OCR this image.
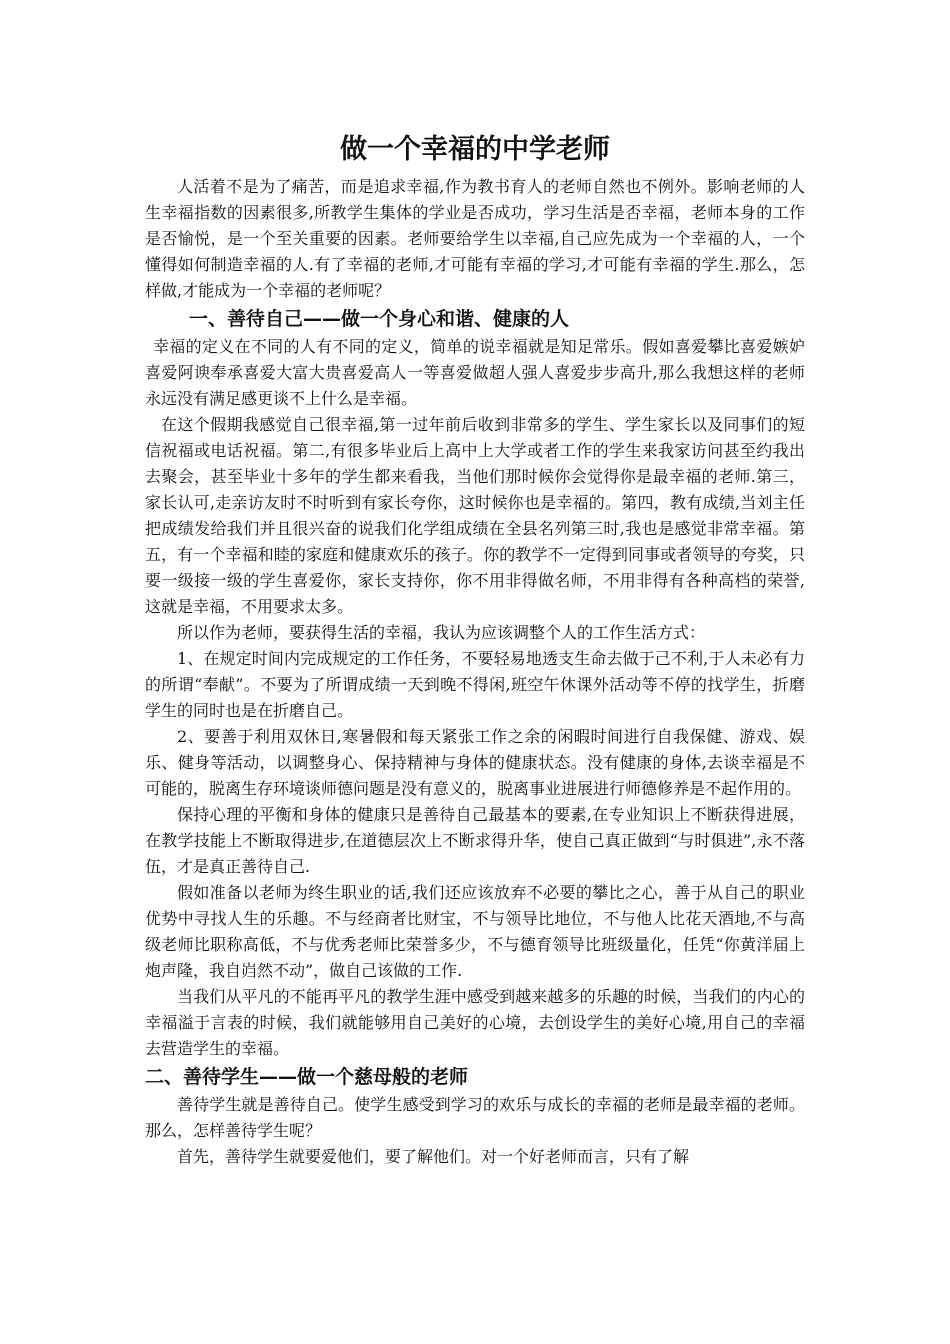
做一个幸福的中学老师

人活着不是为了痛苦，而是追求幸福,作为教书育人的老师自然也不例外。影响老师的人生幸福指数的因素很多,所教学生集体的学业是否成功，学习生活是否幸福，老师本身的工作是否愉悦，是一个至关重要的因素。老师要给学生以幸福,自己应先成为一个幸福的人，一个懂得如何制造幸福的人.有了幸福的老师,才可能有幸福的学习,才可能有幸福的学生.那么，怎样做,才能成为一个幸福的老师呢？

一、善待自己——做一个身心和谐、健康的人

幸福的定义在不同的人有不同的定义，简单的说幸福就是知足常乐。假如喜爱攀比喜爱嫉妒喜爱阿谀奉承喜爱大富大贵喜爱高人一等喜爱做超人强人喜爱步步高升,那么我想这样的老师永远没有满足感更谈不上什么是幸福。

在这个假期我感觉自己很幸福,第一过年前后收到非常多的学生、学生家长以及同事们的短信祝福或电话祝福。第二,有很多毕业后上高中上大学或者工作的学生来我家访问甚至约我出去聚会，甚至毕业十多年的学生都来看我，当他们那时候你会觉得你是最幸福的老师.第三，家长认可,走亲访友时不时听到有家长夸你，这时候你也是幸福的。第四，教有成绩,当刘主任把成绩发给我们并且很兴奋的说我们化学组成绩在全县名列第三时,我也是感觉非常幸福。第五，有一个幸福和睦的家庭和健康欢乐的孩子。你的教学不一定得到同事或者领导的夸奖，只要一级接一级的学生喜爱你，家长支持你，你不用非得做名师，不用非得有各种高档的荣誉,这就是幸福，不用要求太多。

所以作为老师，要获得生活的幸福，我认为应该调整个人的工作生活方式：

1、在规定时间内完成规定的工作任务，不要轻易地透支生命去做于己不利,于人未必有力的所谓“奉献”。不要为了所谓成绩一天到晚不得闲,班空午休课外活动等不停的找学生，折磨学生的同时也是在折磨自己。

2、要善于利用双休日,寒暑假和每天紧张工作之余的闲暇时间进行自我保健、游戏、娱乐、健身等活动，以调整身心、保持精神与身体的健康状态。没有健康的身体,去谈幸福是不可能的，脱离生存环境谈师德问题是没有意义的，脱离事业进展进行师德修养是不起作用的。

保持心理的平衡和身体的健康只是善待自己最基本的要素,在专业知识上不断获得进展，在教学技能上不断取得进步,在道德层次上不断求得升华，使自己真正做到“与时俱进”,永不落伍，才是真正善待自己.

假如准备以老师为终生职业的话,我们还应该放弃不必要的攀比之心，善于从自己的职业优势中寻找人生的乐趣。不与经商者比财宝，不与领导比地位，不与他人比花天酒地,不与高级老师比职称高低，不与优秀老师比荣誉多少，不与德育领导比班级量化，任凭“你黄洋届上炮声隆，我自岿然不动”，做自己该做的工作.

当我们从平凡的不能再平凡的教学生涯中感受到越来越多的乐趣的时候，当我们的内心的幸福溢于言表的时候，我们就能够用自己美好的心境，去创设学生的美好心境,用自己的幸福去营造学生的幸福。

二、善待学生——做一个慈母般的老师

善待学生就是善待自己。使学生感受到学习的欢乐与成长的幸福的老师是最幸福的老师。那么，怎样善待学生呢？

首先，善待学生就要爱他们，要了解他们。对一个好老师而言，只有了解
